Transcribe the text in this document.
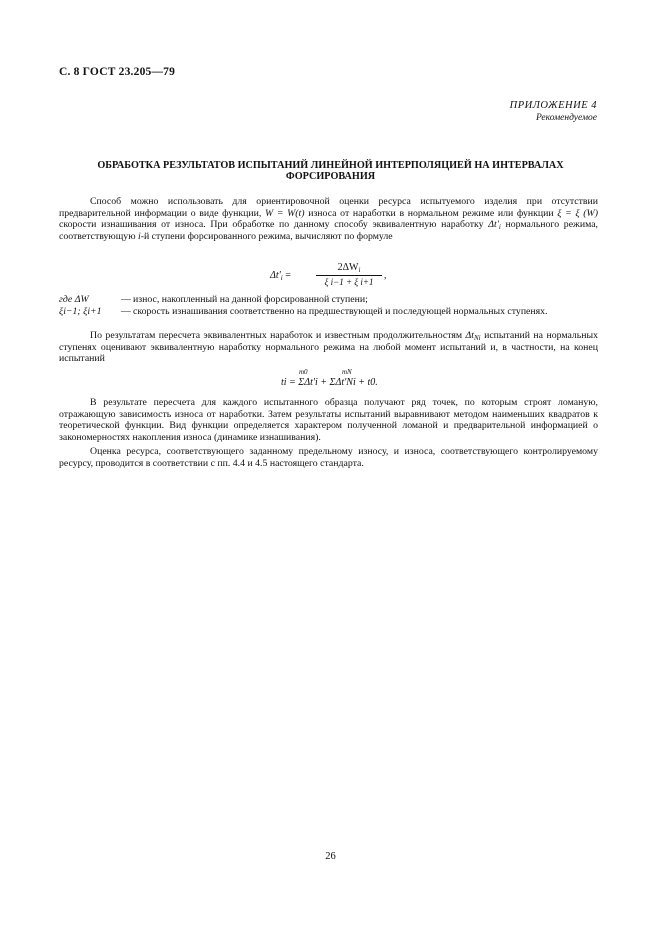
С. 8 ГОСТ 23.205—79
ПРИЛОЖЕНИЕ 4
Рекомендуемое
ОБРАБОТКА РЕЗУЛЬТАТОВ ИСПЫТАНИЙ ЛИНЕЙНОЙ ИНТЕРПОЛЯЦИЕЙ НА ИНТЕРВАЛАХ
ФОРСИРОВАНИЯ

Способ можно использовать для ориентировочной оценки ресурса испытуемого изделия при отсутствии предварительной информации о виде функции, W = W(t) износа от наработки в нормальном режиме или функции ξ = ξ (W) скорости изнашивания от износа. При обработке по данному способу эквивалентную наработку $\Delta t'_i$ нормального режима, соответствующую i-й ступени форсированного режима, вычисляют по формуле

$\Delta t'_i$ =
$2\Delta W_i$
ξ i−1 + ξ i+1
,
где ΔW	— износ, накопленный на данной форсированной ступени;
ξi−1; ξi+1	— скорость изнашивания соответственно на предшествующей и последующей нормальных ступенях.

По результатам пересчета эквивалентных наработок и известным продолжительностям $\Delta t_{Ni}$ испытаний на нормальных ступенях оценивают эквивалентную наработку нормального режима на любой момент испытаний и, в частности, на конец испытаний

m0	mN
ti = ΣΔt'i + ΣΔt'Ni + t0.

В результате пересчета для каждого испытанного образца получают ряд точек, по которым строят ломаную, отражающую зависимость износа от наработки. Затем результаты испытаний выравнивают методом наименьших квадратов к теоретической функции. Вид функции определяется характером полученной ломаной и предварительной информацией о закономерностях накопления износа (динамике изнашивания).

Оценка ресурса, соответствующего заданному предельному износу, и износа, соответствующего контролируемому ресурсу, проводится в соответствии с пп. 4.4 и 4.5 настоящего стандарта.

26
